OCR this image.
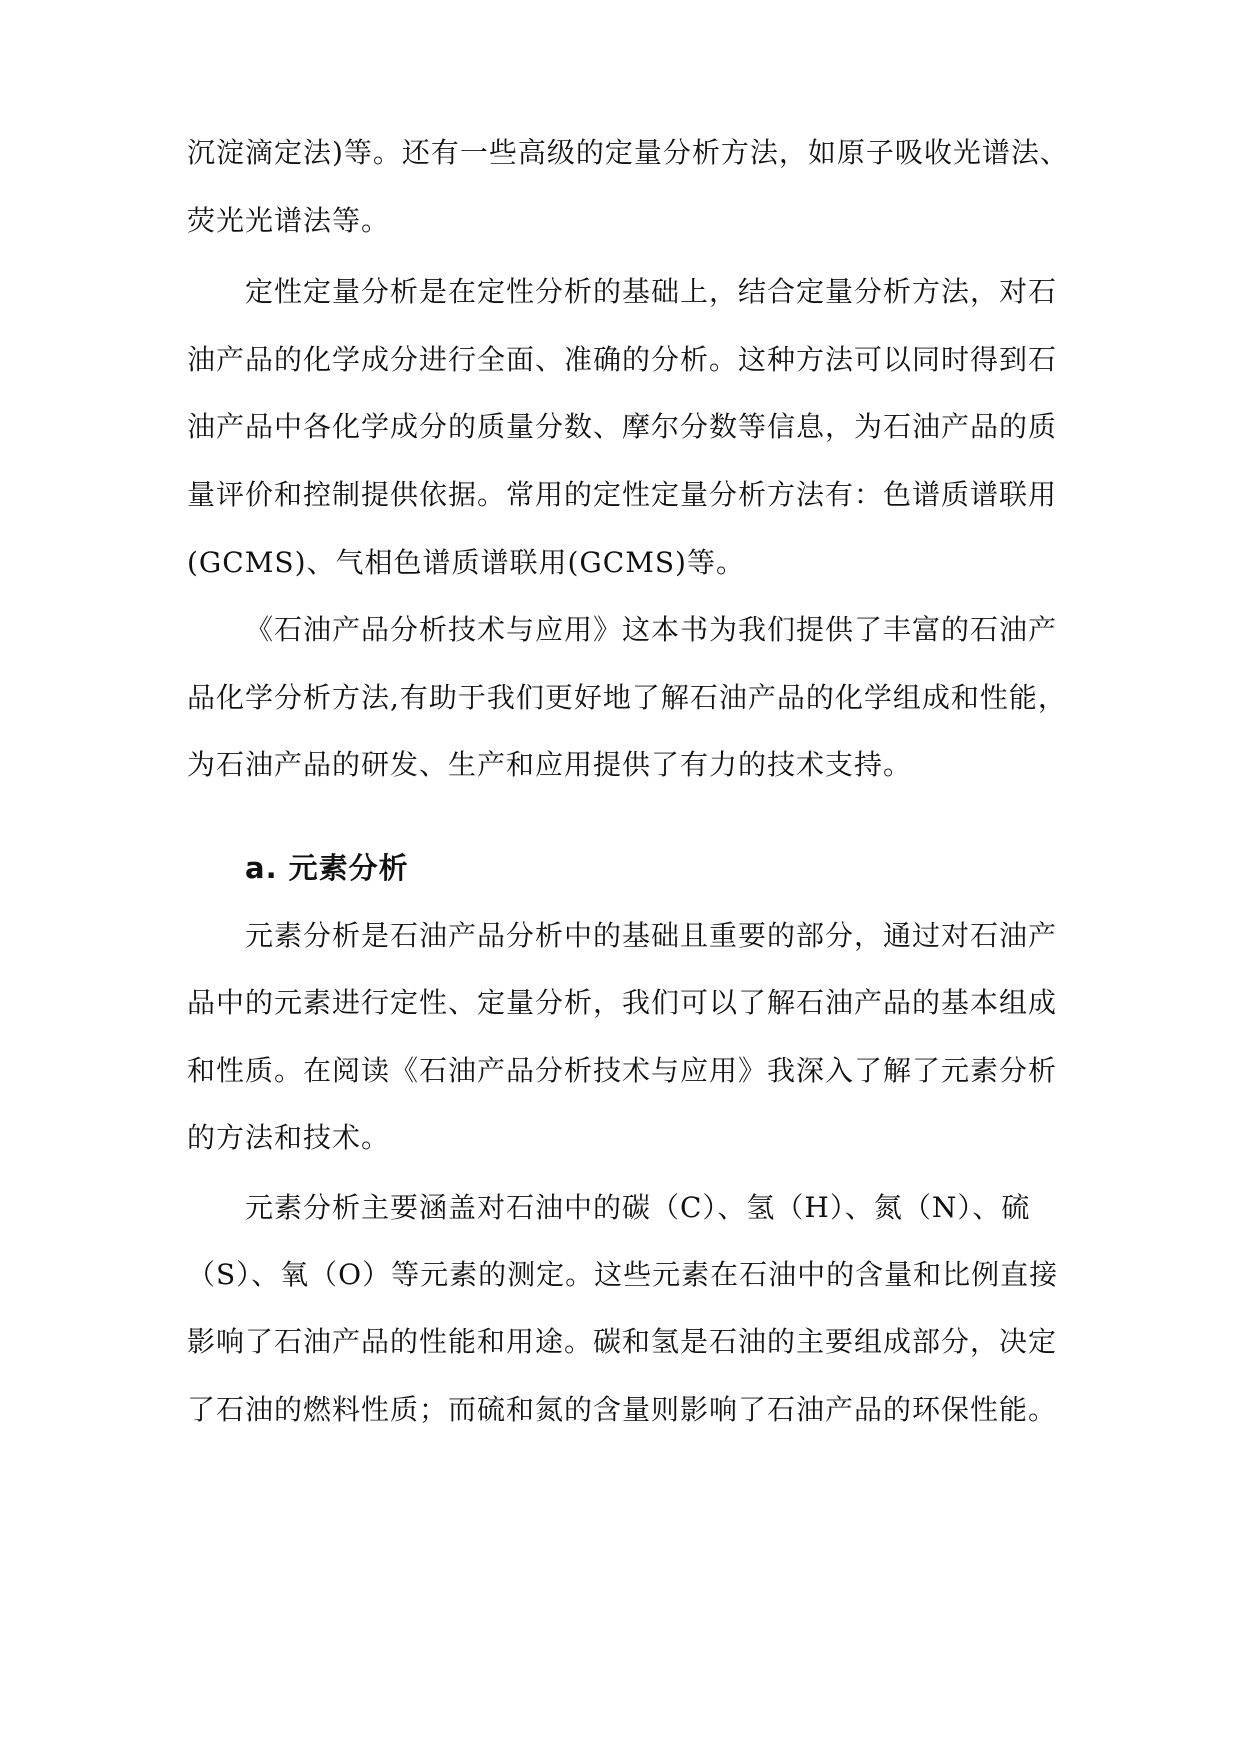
沉淀滴定法)等。还有一些高级的定量分析方法，如原子吸收光谱法、
荧光光谱法等。
定性定量分析是在定性分析的基础上，结合定量分析方法，对石
油产品的化学成分进行全面、准确的分析。这种方法可以同时得到石
油产品中各化学成分的质量分数、摩尔分数等信息，为石油产品的质
量评价和控制提供依据。常用的定性定量分析方法有：色谱质谱联用
(GCMS)、气相色谱质谱联用(GCMS)等。
《石油产品分析技术与应用》这本书为我们提供了丰富的石油产
品化学分析方法,有助于我们更好地了解石油产品的化学组成和性能，
为石油产品的研发、生产和应用提供了有力的技术支持。
a. 元素分析
元素分析是石油产品分析中的基础且重要的部分，通过对石油产
品中的元素进行定性、定量分析，我们可以了解石油产品的基本组成
和性质。在阅读《石油产品分析技术与应用》我深入了解了元素分析
的方法和技术。
元素分析主要涵盖对石油中的碳（C）、氢（H）、氮（N）、硫
（S）、氧（O）等元素的测定。这些元素在石油中的含量和比例直接
影响了石油产品的性能和用途。碳和氢是石油的主要组成部分，决定
了石油的燃料性质；而硫和氮的含量则影响了石油产品的环保性能。
